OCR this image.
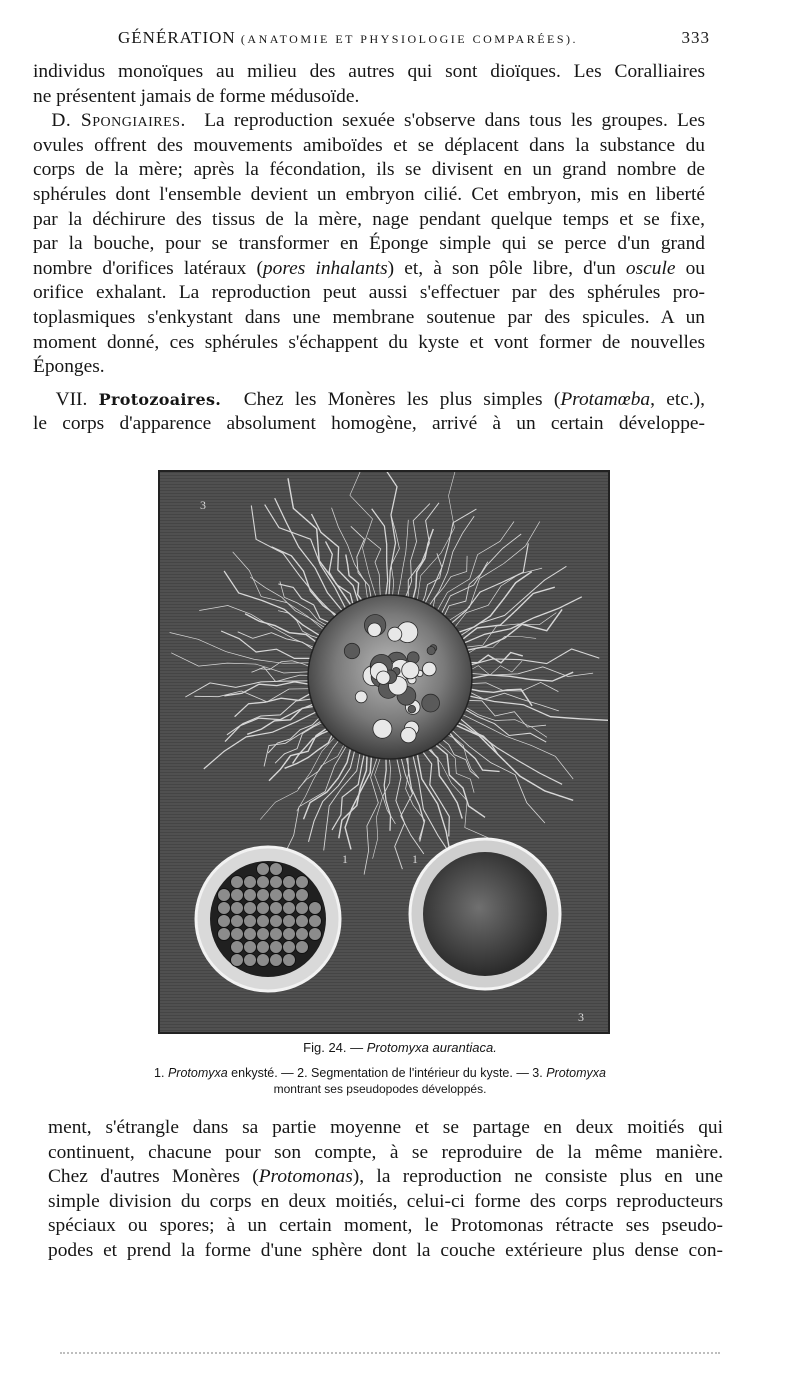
GÉNÉRATION (ANATOMIE ET PHYSIOLOGIE COMPARÉES).	333
individus monoïques au milieu des autres qui sont dioïques. Les Coralliaires
ne présentent jamais de forme médusoïde.
D. Spongiaires. La reproduction sexuée s'observe dans tous les groupes. Les
ovules offrent des mouvements amiboïdes et se déplacent dans la substance du
corps de la mère; après la fécondation, ils se divisent en un grand nombre de
sphérules dont l'ensemble devient un embryon cilié. Cet embryon, mis en liberté
par la déchirure des tissus de la mère, nage pendant quelque temps et se fixe,
par la bouche, pour se transformer en Éponge simple qui se perce d'un grand
nombre d'orifices latéraux (pores inhalants) et, à son pôle libre, d'un oscule ou
orifice exhalant. La reproduction peut aussi s'effectuer par des sphérules pro-
toplasmiques s'enkystant dans une membrane soutenue par des spicules. A un
moment donné, ces sphérules s'échappent du kyste et vont former de nouvelles
Éponges.
VII. Protozoaires. Chez les Monères les plus simples (Protamœba, etc.),
le corps d'apparence absolument homogène, arrivé à un certain développe-
3
1	1
3
Fig. 24. — Protomyxa aurantiaca.
1. Protomyxa enkysté. — 2. Segmentation de l'intérieur du kyste. — 3. Protomyxa
montrant ses pseudopodes développés.
ment, s'étrangle dans sa partie moyenne et se partage en deux moitiés qui
continuent, chacune pour son compte, à se reproduire de la même manière.
Chez d'autres Monères (Protomonas), la reproduction ne consiste plus en une
simple division du corps en deux moitiés, celui-ci forme des corps reproducteurs
spéciaux ou spores; à un certain moment, le Protomonas rétracte ses pseudo-
podes et prend la forme d'une sphère dont la couche extérieure plus dense con-
